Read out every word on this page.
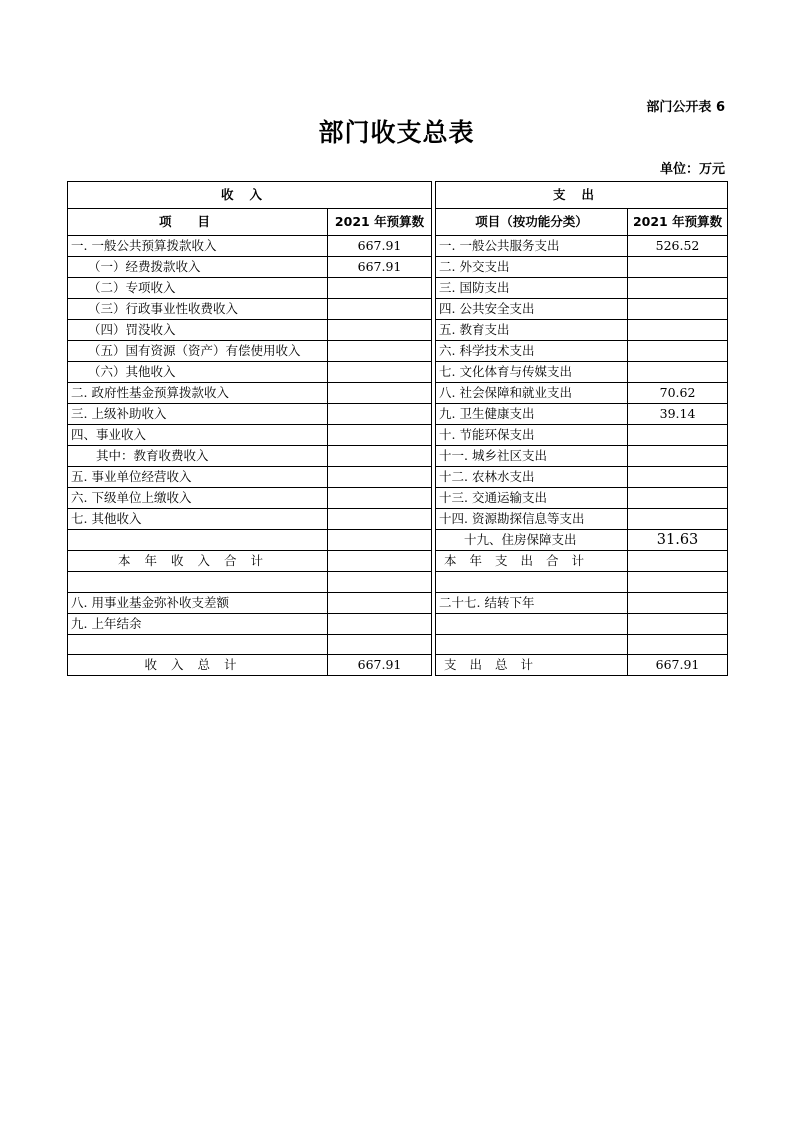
部门公开表 6
部门收支总表
单位：万元
收入			支出	
项目	2021 年预算数		项目（按功能分类）	2021 年预算数
一. 一般公共预算拨款收入	667.91		一. 一般公共服务支出	526.52
（一）经费拨款收入	667.91		二. 外交支出	
（二）专项收入			三. 国防支出	
（三）行政事业性收费收入			四. 公共安全支出	
（四）罚没收入			五. 教育支出	
（五）国有资源（资产）有偿使用收入			六. 科学技术支出	
（六）其他收入			七. 文化体育与传媒支出	
二. 政府性基金预算拨款收入			八. 社会保障和就业支出	70.62
三. 上级补助收入			九. 卫生健康支出	39.14
四、事业收入			十. 节能环保支出	
其中：教育收费收入			十一. 城乡社区支出	
五. 事业单位经营收入			十二. 农林水支出	
六. 下级单位上缴收入			十三. 交通运输支出	
七. 其他收入			十四. 资源勘探信息等支出	
			十九、住房保障支出	31.63
本年收入合计			本年支出合计	

八. 用事业基金弥补收支差额			二十七. 结转下年	
九. 上年结余				

收入总计	667.91		支出总计	667.91
